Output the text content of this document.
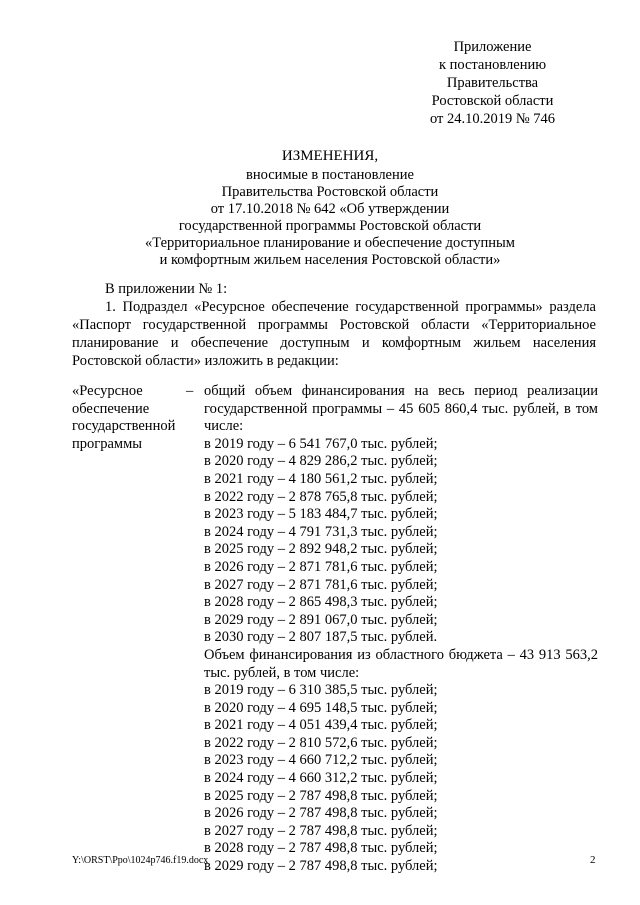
Приложение
к постановлению
Правительства
Ростовской области
от 24.10.2019 № 746
ИЗМЕНЕНИЯ,
вносимые в постановление
Правительства Ростовской области
от 17.10.2018 № 642 «Об утверждении
государственной программы Ростовской области
«Территориальное планирование и обеспечение доступным
и комфортным жильем населения Ростовской области»
В приложении № 1:
1. Подраздел «Ресурсное обеспечение государственной программы» раздела «Паспорт государственной программы Ростовской области «Территориальное планирование и обеспечение доступным и комфортным жильем населения Ростовской области» изложить в редакции:
«Ресурсное обеспечение государственной программы
– общий объем финансирования на весь период реализации государственной программы – 45 605 860,4 тыс. рублей, в том числе:
в 2019 году – 6 541 767,0 тыс. рублей;
в 2020 году – 4 829 286,2 тыс. рублей;
в 2021 году – 4 180 561,2 тыс. рублей;
в 2022 году – 2 878 765,8 тыс. рублей;
в 2023 году – 5 183 484,7 тыс. рублей;
в 2024 году – 4 791 731,3 тыс. рублей;
в 2025 году – 2 892 948,2 тыс. рублей;
в 2026 году – 2 871 781,6 тыс. рублей;
в 2027 году – 2 871 781,6 тыс. рублей;
в 2028 году – 2 865 498,3 тыс. рублей;
в 2029 году – 2 891 067,0 тыс. рублей;
в 2030 году – 2 807 187,5 тыс. рублей.
Объем финансирования из областного бюджета – 43 913 563,2 тыс. рублей, в том числе:
в 2019 году – 6 310 385,5 тыс. рублей;
в 2020 году – 4 695 148,5 тыс. рублей;
в 2021 году – 4 051 439,4 тыс. рублей;
в 2022 году – 2 810 572,6 тыс. рублей;
в 2023 году – 4 660 712,2 тыс. рублей;
в 2024 году – 4 660 312,2 тыс. рублей;
в 2025 году – 2 787 498,8 тыс. рублей;
в 2026 году – 2 787 498,8 тыс. рублей;
в 2027 году – 2 787 498,8 тыс. рублей;
в 2028 году – 2 787 498,8 тыс. рублей;
в 2029 году – 2 787 498,8 тыс. рублей;
Y:\ORST\Ppo\1024p746.f19.docx	2
